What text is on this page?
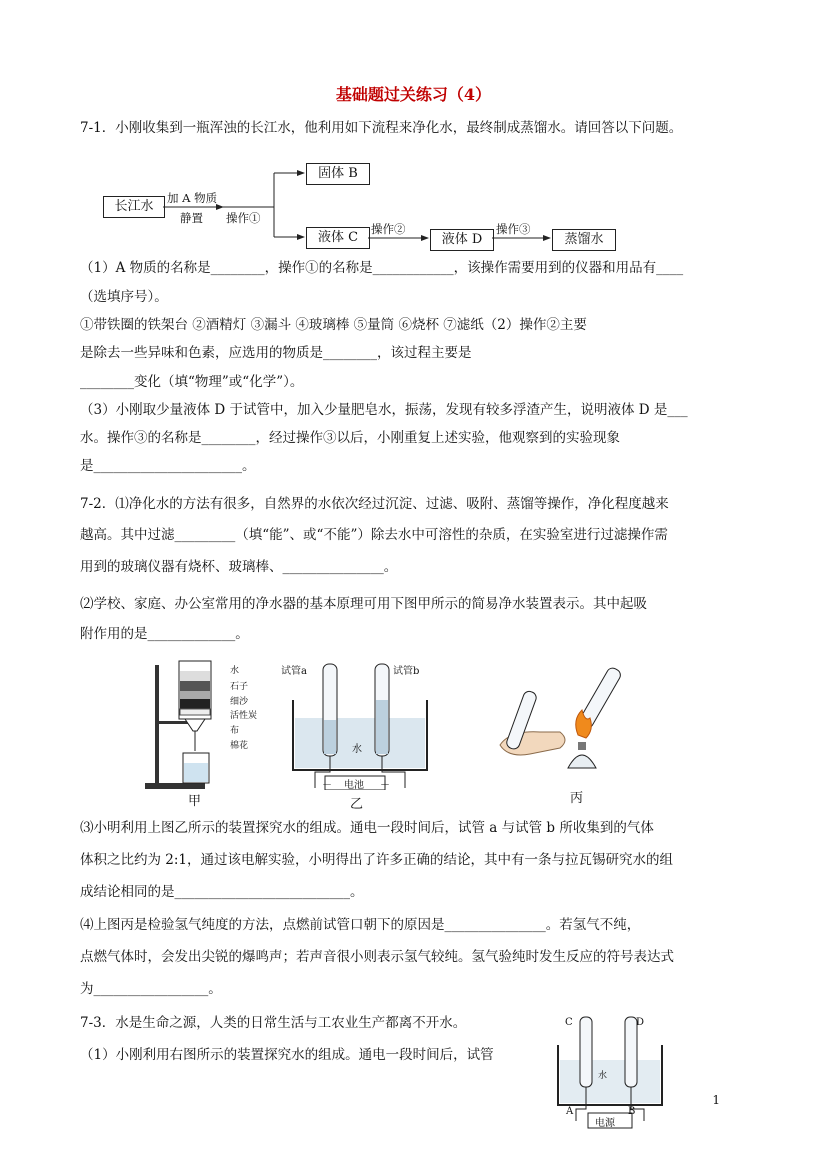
基础题过关练习（4）
7-1．小刚收集到一瓶浑浊的长江水，他利用如下流程来净化水，最终制成蒸馏水。请回答以下问题。
长江水
加 A 物质
静置 操作①
固体 B
液体 C
操作②
液体 D
操作③
蒸馏水
（1）A 物质的名称是________，操作①的名称是____________，该操作需要用到的仪器和用品有____
（选填序号）。
①带铁圈的铁架台 ②酒精灯 ③漏斗 ④玻璃棒 ⑤量筒 ⑥烧杯 ⑦滤纸（2）操作②主要
是除去一些异味和色素，应选用的物质是________，该过程主要是
________变化（填“物理”或“化学”）。
（3）小刚取少量液体 D 于试管中，加入少量肥皂水，振荡，发现有较多浮渣产生，说明液体 D 是___
水。操作③的名称是________，经过操作③以后，小刚重复上述实验，他观察到的实验现象
是______________________。
7-2．⑴净化水的方法有很多，自然界的水依次经过沉淀、过滤、吸附、蒸馏等操作，净化程度越来
越高。其中过滤_________（填“能”、或“不能”）除去水中可溶性的杂质，在实验室进行过滤操作需
用到的玻璃仪器有烧杯、玻璃棒、_______________。
⑵学校、家庭、办公室常用的净水器的基本原理可用下图甲所示的简易净水装置表示。其中起吸
附作用的是_____________。
水
石子
细沙
活性炭
布
棉花
甲
试管a	试管b
水
电池
－	＋
乙	丙
⑶小明利用上图乙所示的装置探究水的组成。通电一段时间后，试管 a 与试管 b 所收集到的气体
体积之比约为 2:1，通过该电解实验，小明得出了许多正确的结论，其中有一条与拉瓦锡研究水的组
成结论相同的是__________________________。
⑷上图丙是检验氢气纯度的方法，点燃前试管口朝下的原因是_______________。若氢气不纯，
点燃气体时，会发出尖锐的爆鸣声；若声音很小则表示氢气较纯。氢气验纯时发生反应的符号表达式
为_________________。
7-3．水是生命之源，人类的日常生活与工农业生产都离不开水。
（1）小刚利用右图所示的装置探究水的组成。通电一段时间后，试管
C	D
水
A	B
电源
1
